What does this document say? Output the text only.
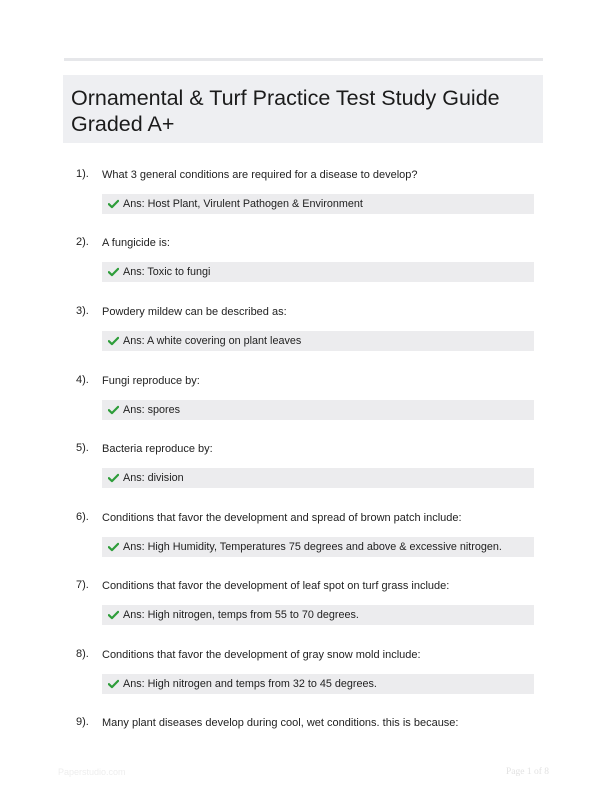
Ornamental & Turf Practice Test Study Guide Graded A+
1). What 3 general conditions are required for a disease to develop?
Ans: Host Plant, Virulent Pathogen & Environment
2). A fungicide is:
Ans: Toxic to fungi
3). Powdery mildew can be described as:
Ans: A white covering on plant leaves
4). Fungi reproduce by:
Ans: spores
5). Bacteria reproduce by:
Ans: division
6). Conditions that favor the development and spread of brown patch include:
Ans: High Humidity, Temperatures 75 degrees and above & excessive nitrogen.
7). Conditions that favor the development of leaf spot on turf grass include:
Ans: High nitrogen, temps from 55 to 70 degrees.
8). Conditions that favor the development of gray snow mold include:
Ans: High nitrogen and temps from 32 to 45 degrees.
9). Many plant diseases develop during cool, wet conditions. this is because:
Paperstudio.com	Page 1 of 8
